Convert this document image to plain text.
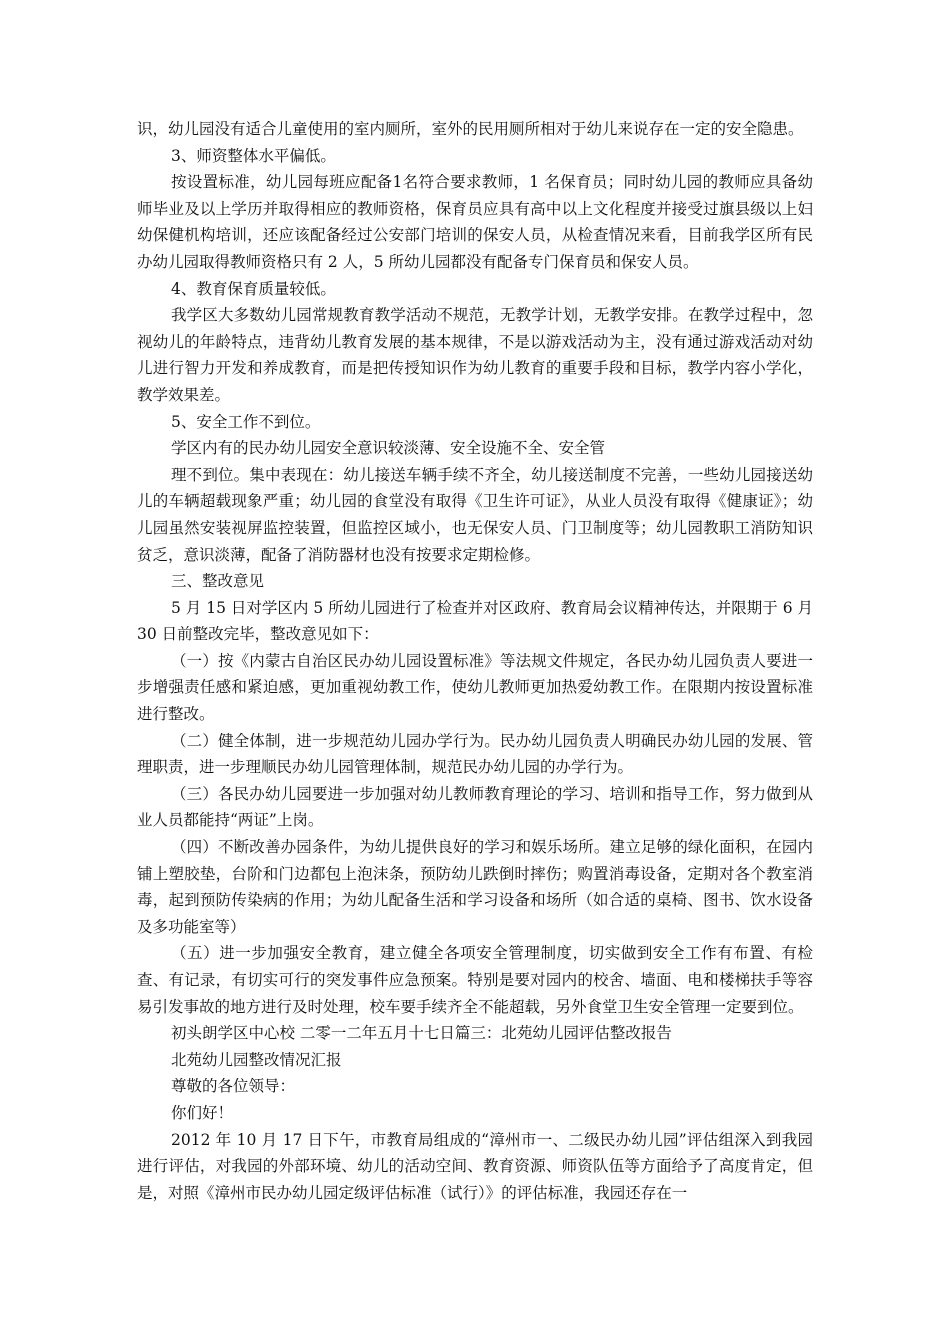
识，幼儿园没有适合儿童使用的室内厕所，室外的民用厕所相对于幼儿来说存在一定的安全隐患。

3、师资整体水平偏低。

按设置标准，幼儿园每班应配备1名符合要求教师，1 名保育员；同时幼儿园的教师应具备幼师毕业及以上学历并取得相应的教师资格，保育员应具有高中以上文化程度并接受过旗县级以上妇幼保健机构培训，还应该配备经过公安部门培训的保安人员，从检查情况来看，目前我学区所有民办幼儿园取得教师资格只有 2 人，5 所幼儿园都没有配备专门保育员和保安人员。

4、教育保育质量较低。

我学区大多数幼儿园常规教育教学活动不规范，无教学计划，无教学安排。在教学过程中，忽视幼儿的年龄特点，违背幼儿教育发展的基本规律，不是以游戏活动为主，没有通过游戏活动对幼儿进行智力开发和养成教育，而是把传授知识作为幼儿教育的重要手段和目标，教学内容小学化，教学效果差。

5、安全工作不到位。

学区内有的民办幼儿园安全意识较淡薄、安全设施不全、安全管

理不到位。集中表现在：幼儿接送车辆手续不齐全，幼儿接送制度不完善，一些幼儿园接送幼儿的车辆超载现象严重；幼儿园的食堂没有取得《卫生许可证》，从业人员没有取得《健康证》；幼儿园虽然安装视屏监控装置，但监控区域小，也无保安人员、门卫制度等；幼儿园教职工消防知识贫乏，意识淡薄，配备了消防器材也没有按要求定期检修。

三、整改意见

5 月 15 日对学区内 5 所幼儿园进行了检查并对区政府、教育局会议精神传达，并限期于 6 月 30 日前整改完毕，整改意见如下：

（一）按《内蒙古自治区民办幼儿园设置标准》等法规文件规定，各民办幼儿园负责人要进一步增强责任感和紧迫感，更加重视幼教工作，使幼儿教师更加热爱幼教工作。在限期内按设置标准进行整改。

（二）健全体制，进一步规范幼儿园办学行为。民办幼儿园负责人明确民办幼儿园的发展、管理职责，进一步理顺民办幼儿园管理体制，规范民办幼儿园的办学行为。

（三）各民办幼儿园要进一步加强对幼儿教师教育理论的学习、培训和指导工作，努力做到从业人员都能持“两证”上岗。

（四）不断改善办园条件，为幼儿提供良好的学习和娱乐场所。建立足够的绿化面积，在园内铺上塑胶垫，台阶和门边都包上泡沫条，预防幼儿跌倒时摔伤；购置消毒设备，定期对各个教室消毒，起到预防传染病的作用；为幼儿配备生活和学习设备和场所（如合适的桌椅、图书、饮水设备及多功能室等）

（五）进一步加强安全教育，建立健全各项安全管理制度，切实做到安全工作有布置、有检查、有记录，有切实可行的突发事件应急预案。特别是要对园内的校舍、墙面、电和楼梯扶手等容易引发事故的地方进行及时处理，校车要手续齐全不能超载，另外食堂卫生安全管理一定要到位。

初头朗学区中心校 二零一二年五月十七日篇三：北苑幼儿园评估整改报告

北苑幼儿园整改情况汇报

尊敬的各位领导：

你们好！

2012 年 10 月 17 日下午，市教育局组成的“漳州市一、二级民办幼儿园”评估组深入到我园进行评估，对我园的外部环境、幼儿的活动空间、教育资源、师资队伍等方面给予了高度肯定，但是，对照《漳州市民办幼儿园定级评估标准（试行）》的评估标准，我园还存在一
